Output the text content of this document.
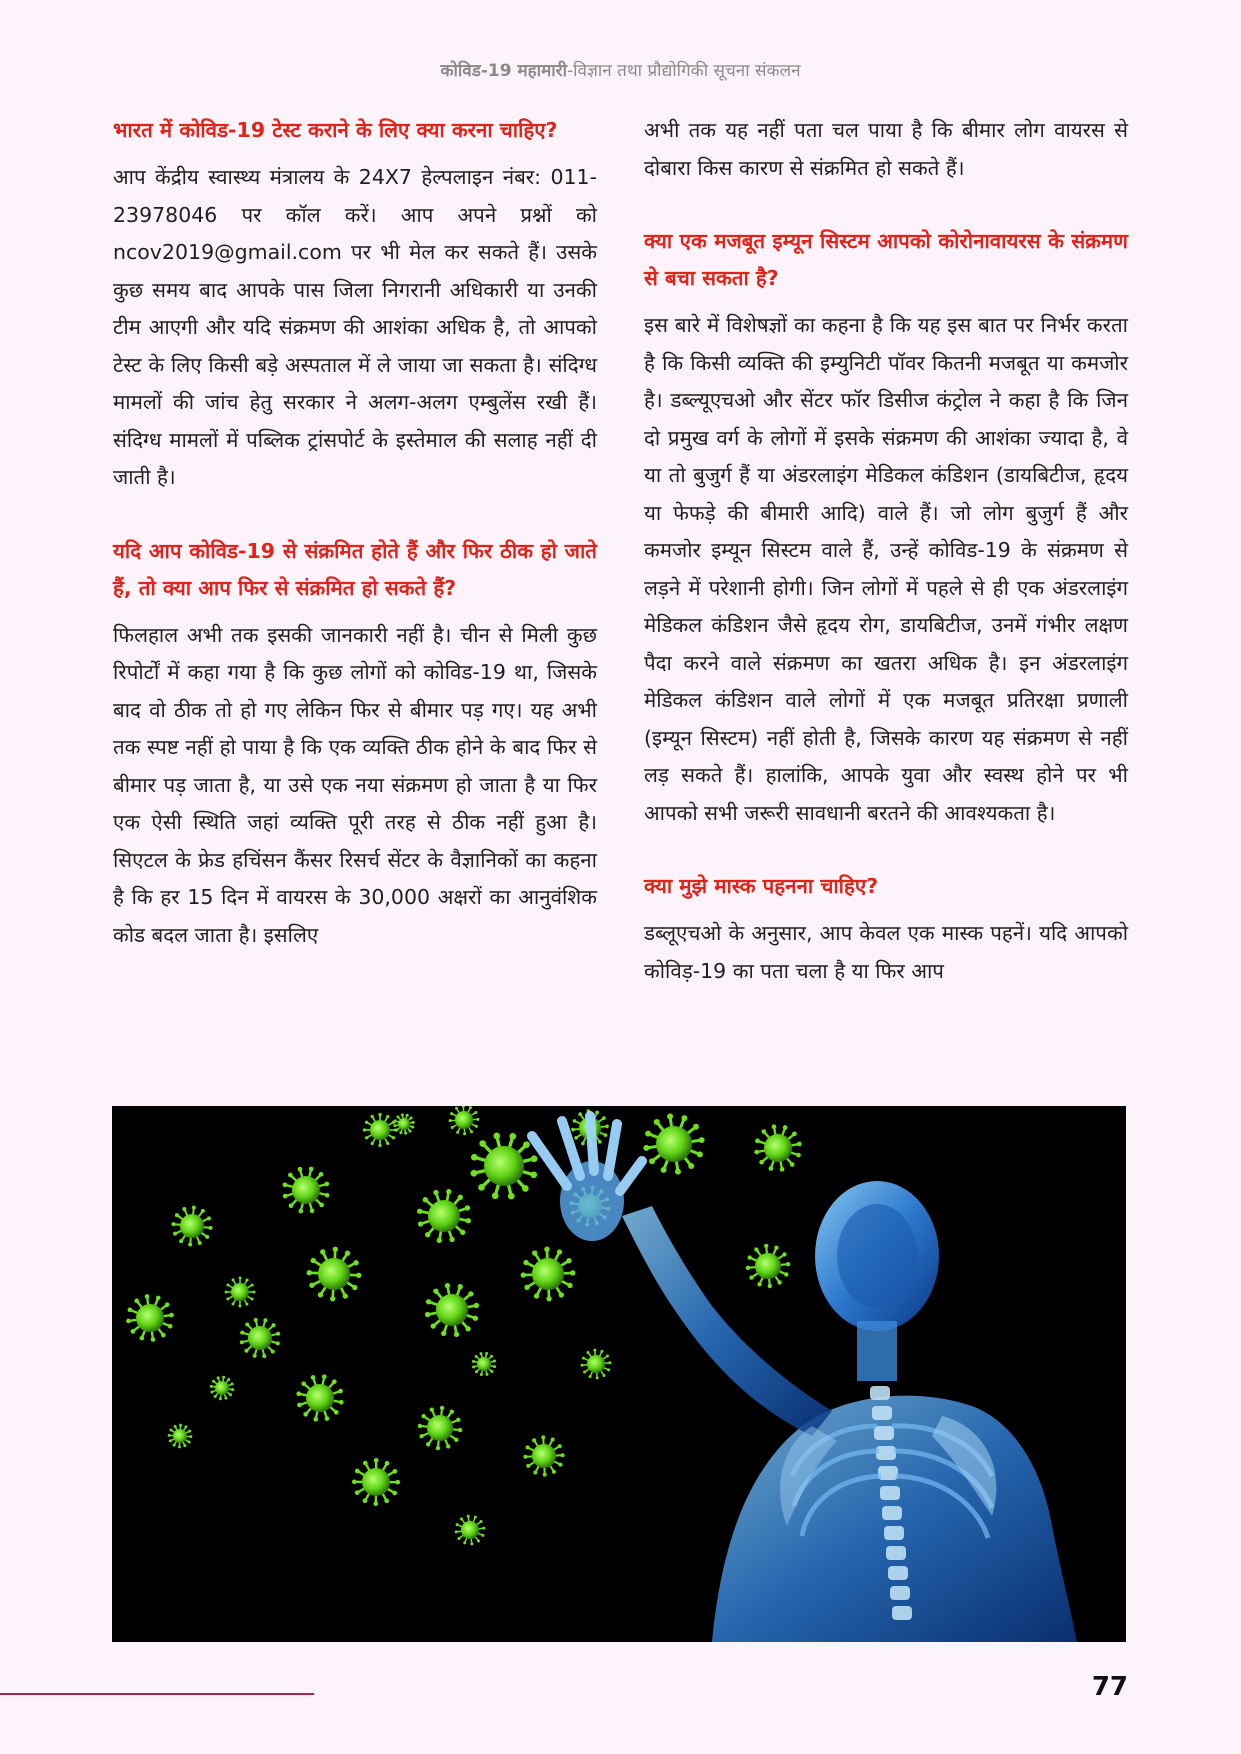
कोविड-19 महामारी-विज्ञान तथा प्रौद्योगिकी सूचना संकलन
भारत में कोविड-19 टेस्ट कराने के लिए क्या करना चाहिए?

आप केंद्रीय स्वास्थ्य मंत्रालय के 24X7 हेल्पलाइन नंबर: 011-23978046 पर कॉल करें। आप अपने प्रश्नों को ncov2019@gmail.com पर भी मेल कर सकते हैं। उसके कुछ समय बाद आपके पास जिला निगरानी अधिकारी या उनकी टीम आएगी और यदि संक्रमण की आशंका अधिक है, तो आपको टेस्ट के लिए किसी बड़े अस्पताल में ले जाया जा सकता है। संदिग्ध मामलों की जांच हेतु सरकार ने अलग-अलग एम्बुलेंस रखी हैं। संदिग्ध मामलों में पब्लिक ट्रांसपोर्ट के इस्तेमाल की सलाह नहीं दी जाती है।

यदि आप कोविड-19 से संक्रमित होते हैं और फिर ठीक हो जाते हैं, तो क्या आप फिर से संक्रमित हो सकते हैं?

फिलहाल अभी तक इसकी जानकारी नहीं है। चीन से मिली कुछ रिपोर्टों में कहा गया है कि कुछ लोगों को कोविड-19 था, जिसके बाद वो ठीक तो हो गए लेकिन फिर से बीमार पड़ गए। यह अभी तक स्पष्ट नहीं हो पाया है कि एक व्यक्ति ठीक होने के बाद फिर से बीमार पड़ जाता है, या उसे एक नया संक्रमण हो जाता है या फिर एक ऐसी स्थिति जहां व्यक्ति पूरी तरह से ठीक नहीं हुआ है। सिएटल के फ्रेड हचिंसन कैंसर रिसर्च सेंटर के वैज्ञानिकों का कहना है कि हर 15 दिन में वायरस के 30,000 अक्षरों का आनुवंशिक कोड बदल जाता है। इसलिए

अभी तक यह नहीं पता चल पाया है कि बीमार लोग वायरस से दोबारा किस कारण से संक्रमित हो सकते हैं।

क्या एक मजबूत इम्यून सिस्टम आपको कोरोनावायरस के संक्रमण से बचा सकता है?

इस बारे में विशेषज्ञों का कहना है कि यह इस बात पर निर्भर करता है कि किसी व्यक्ति की इम्युनिटी पॉवर कितनी मजबूत या कमजोर है। डब्ल्यूएचओ और सेंटर फॉर डिसीज कंट्रोल ने कहा है कि जिन दो प्रमुख वर्ग के लोगों में इसके संक्रमण की आशंका ज्यादा है, वे या तो बुजुर्ग हैं या अंडरलाइंग मेडिकल कंडिशन (डायबिटीज, हृदय या फेफड़े की बीमारी आदि) वाले हैं। जो लोग बुजुर्ग हैं और कमजोर इम्यून सिस्टम वाले हैं, उन्हें कोविड-19 के संक्रमण से लड़ने में परेशानी होगी। जिन लोगों में पहले से ही एक अंडरलाइंग मेडिकल कंडिशन जैसे हृदय रोग, डायबिटीज, उनमें गंभीर लक्षण पैदा करने वाले संक्रमण का खतरा अधिक है। इन अंडरलाइंग मेडिकल कंडिशन वाले लोगों में एक मजबूत प्रतिरक्षा प्रणाली (इम्यून सिस्टम) नहीं होती है, जिसके कारण यह संक्रमण से नहीं लड़ सकते हैं। हालांकि, आपके युवा और स्वस्थ होने पर भी आपको सभी जरूरी सावधानी बरतने की आवश्यकता है।

क्या मुझे मास्क पहनना चाहिए?

डब्लूएचओ के अनुसार, आप केवल एक मास्क पहनें। यदि आपको कोविड़-19 का पता चला है या फिर आप

77
